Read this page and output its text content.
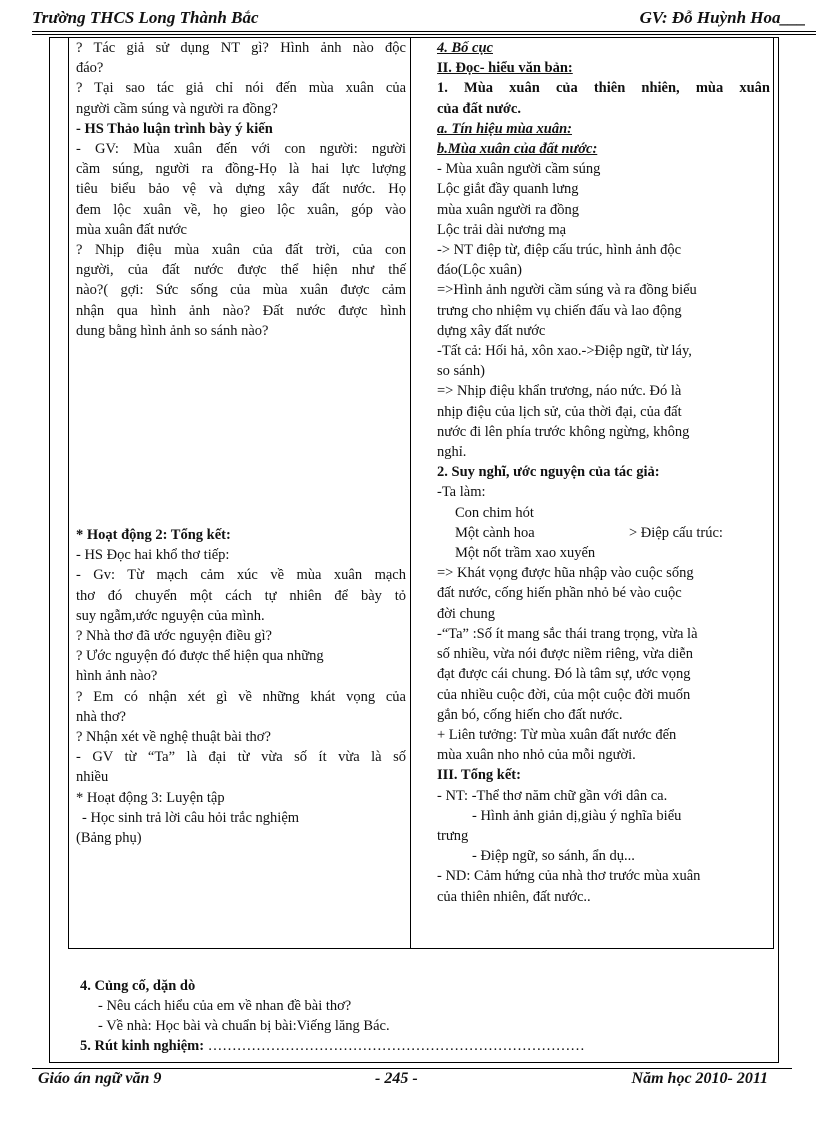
Trường THCS Long Thành Bắc	GV: Đỗ Huỳnh Hoa___

? Tác giả sử dụng NT gì? Hình ảnh nào độc

đáo?

? Tại sao tác giả chỉ nói đến mùa xuân của

người cầm súng và người ra đồng?

- HS Thảo luận trình bày ý kiến

- GV: Mùa xuân đến với con người: người

cầm súng, người ra đồng-Họ là hai lực lượng

tiêu biểu bảo vệ và dựng xây đất nước. Họ

đem lộc xuân về, họ gieo lộc xuân, góp vào

mùa xuân đất nước

? Nhịp điệu mùa xuân của đất trời, của con

người, của đất nước được thể hiện như thế

nào?( gợi: Sức sống của mùa xuân được cảm

nhận qua hình ảnh nào? Đất nước được hình

dung bằng hình ảnh so sánh nào?

* Hoạt động 2: Tổng kết:

- HS Đọc hai khổ thơ tiếp:

- Gv: Từ mạch cảm xúc về mùa xuân mạch

thơ đó chuyển một cách tự nhiên để bày tỏ

suy ngẫm,ước nguyện của mình.

? Nhà thơ đã ước nguyện điều gì?

? Ước nguyện đó được thể hiện qua những

hình ảnh nào?

? Em có nhận xét gì về những khát vọng của

nhà thơ?

? Nhận xét về nghệ thuật bài thơ?

- GV từ “Ta” là đại từ vừa số ít vừa là số

nhiều

* Hoạt động 3: Luyện tập

- Học sinh trả lời câu hỏi trắc nghiệm

(Bảng phụ)

4. Bố cục

II. Đọc- hiểu văn bản:

1. Mùa xuân của thiên nhiên, mùa xuân

của đất nước.

a. Tín hiệu mùa xuân:

b.Mùa xuân của đất nước:

- Mùa xuân người cầm súng

Lộc giắt đầy quanh lưng

mùa xuân người ra đồng

Lộc trải dài nương mạ

-> NT điệp từ, điệp cấu trúc, hình ảnh độc

đáo(Lộc xuân)

=>Hình ảnh người cầm súng và ra đồng biểu

trưng cho nhiệm vụ chiến đấu và lao động

dựng xây đất nước

-Tất cả: Hối hả, xôn xao.->Điệp ngữ, từ láy,

so sánh)

=> Nhịp điệu khẩn trương, náo nức. Đó là

nhịp điệu của lịch sử, của thời đại, của đất

nước đi lên phía trước không ngừng, không

nghỉ.

2. Suy nghĩ, ước nguyện của tác giả:

-Ta làm:

Con chim hót

Một cành hoa	> Điệp cấu trúc:

Một nốt trầm xao xuyến

=> Khát vọng được hũa nhập vào cuộc sống

đất nước, cống hiến phần nhỏ bé vào cuộc

đời chung

-“Ta” :Số ít mang sắc thái trang trọng, vừa là

số nhiều, vừa nói được niềm riêng, vừa diễn

đạt được cái chung. Đó là tâm sự, ước vọng

của nhiều cuộc đời, của một cuộc đời muốn

gắn bó, cống hiến cho đất nước.

+ Liên tưởng: Từ mùa xuân đất nước đến

mùa xuân nho nhỏ của mỗi người.

III. Tổng kết:

- NT: -Thể thơ năm chữ gần với dân ca.

- Hình ảnh giản dị,giàu ý nghĩa biểu

trưng

- Điệp ngữ, so sánh, ẩn dụ...

- ND: Cảm hứng của nhà thơ trước mùa xuân

của thiên nhiên, đất nước..

4. Củng cố, dặn dò

- Nêu cách hiểu của em về nhan đề bài thơ?

- Về nhà: Học bài và chuẩn bị bài:Viếng lăng Bác.

5. Rút kinh nghiệm: ……………………………………………………………………

Giáo án ngữ văn 9	- 245 -	Năm học 2010- 2011
